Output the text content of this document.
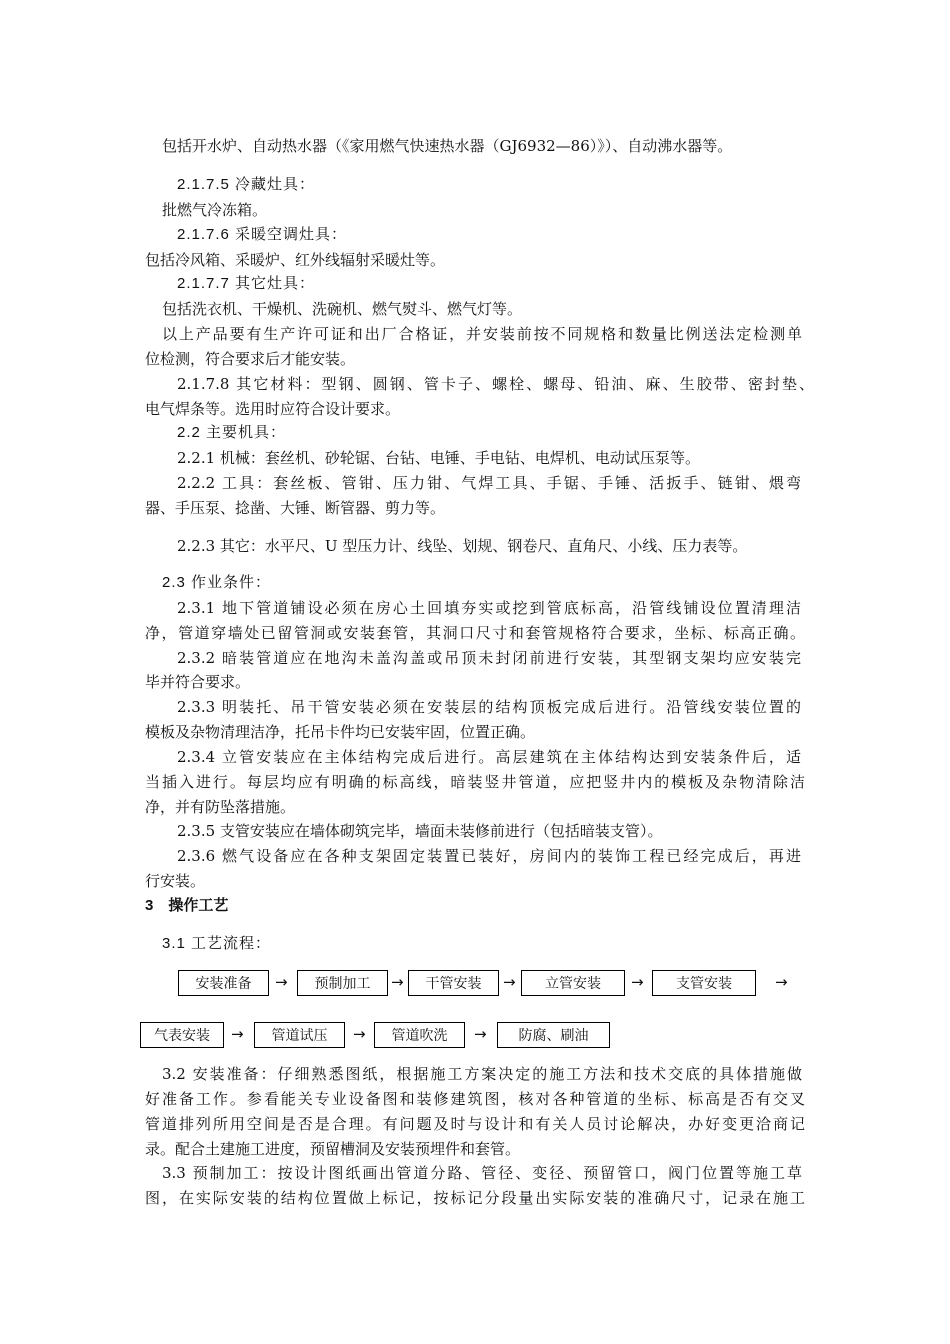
包括开水炉、自动热水器（《家用燃气快速热水器（GJ6932—86）》）、自动沸水器等。
2.1.7.5 冷藏灶具：
批燃气冷冻箱。
2.1.7.6 采暖空调灶具：
包括冷风箱、采暖炉、红外线辐射采暖灶等。
2.1.7.7 其它灶具：
包括洗衣机、干燥机、洗碗机、燃气熨斗、燃气灯等。
以上产品要有生产许可证和出厂合格证，并安装前按不同规格和数量比例送法定检测单
位检测，符合要求后才能安装。
2.1.7.8 其它材料：型钢、圆钢、管卡子、螺栓、螺母、铅油、麻、生胶带、密封垫、
电气焊条等。选用时应符合设计要求。
2.2 主要机具：
2.2.1 机械：套丝机、砂轮锯、台钻、电锤、手电钻、电焊机、电动试压泵等。
2.2.2 工具：套丝板、管钳、压力钳、气焊工具、手锯、手锤、活扳手、链钳、煨弯
器、手压泵、捻凿、大锤、断管器、剪力等。
2.2.3 其它：水平尺、U 型压力计、线坠、划规、钢卷尺、直角尺、小线、压力表等。
2.3 作业条件：
2.3.1 地下管道铺设必须在房心土回填夯实或挖到管底标高，沿管线铺设位置清理洁
净，管道穿墙处已留管洞或安装套管，其洞口尺寸和套管规格符合要求，坐标、标高正确。
2.3.2 暗装管道应在地沟未盖沟盖或吊顶未封闭前进行安装，其型钢支架均应安装完
毕并符合要求。
2.3.3 明装托、吊干管安装必须在安装层的结构顶板完成后进行。沿管线安装位置的
模板及杂物清理洁净，托吊卡件均已安装牢固，位置正确。
2.3.4 立管安装应在主体结构完成后进行。高层建筑在主体结构达到安装条件后，适
当插入进行。每层均应有明确的标高线，暗装竖井管道，应把竖井内的模板及杂物清除洁
净，并有防坠落措施。
2.3.5 支管安装应在墙体砌筑完毕，墙面未装修前进行（包括暗装支管）。
2.3.6 燃气设备应在各种支架固定装置已装好，房间内的装饰工程已经完成后，再进
行安装。
3　操作工艺
3.1 工艺流程：
安装准备	→	预制加工	→	干管安装	→	立管安装	→	支管安装	→
气表安装	→	管道试压	→	管道吹洗	→	防腐、刷油
3.2 安装准备：仔细熟悉图纸，根据施工方案决定的施工方法和技术交底的具体措施做
好准备工作。参看能关专业设备图和装修建筑图，核对各种管道的坐标、标高是否有交叉
管道排列所用空间是否是合理。有问题及时与设计和有关人员讨论解决，办好变更洽商记
录。配合土建施工进度，预留槽洞及安装预埋件和套管。
3.3 预制加工：按设计图纸画出管道分路、管径、变径、预留管口，阀门位置等施工草
图，在实际安装的结构位置做上标记，按标记分段量出实际安装的准确尺寸，记录在施工
